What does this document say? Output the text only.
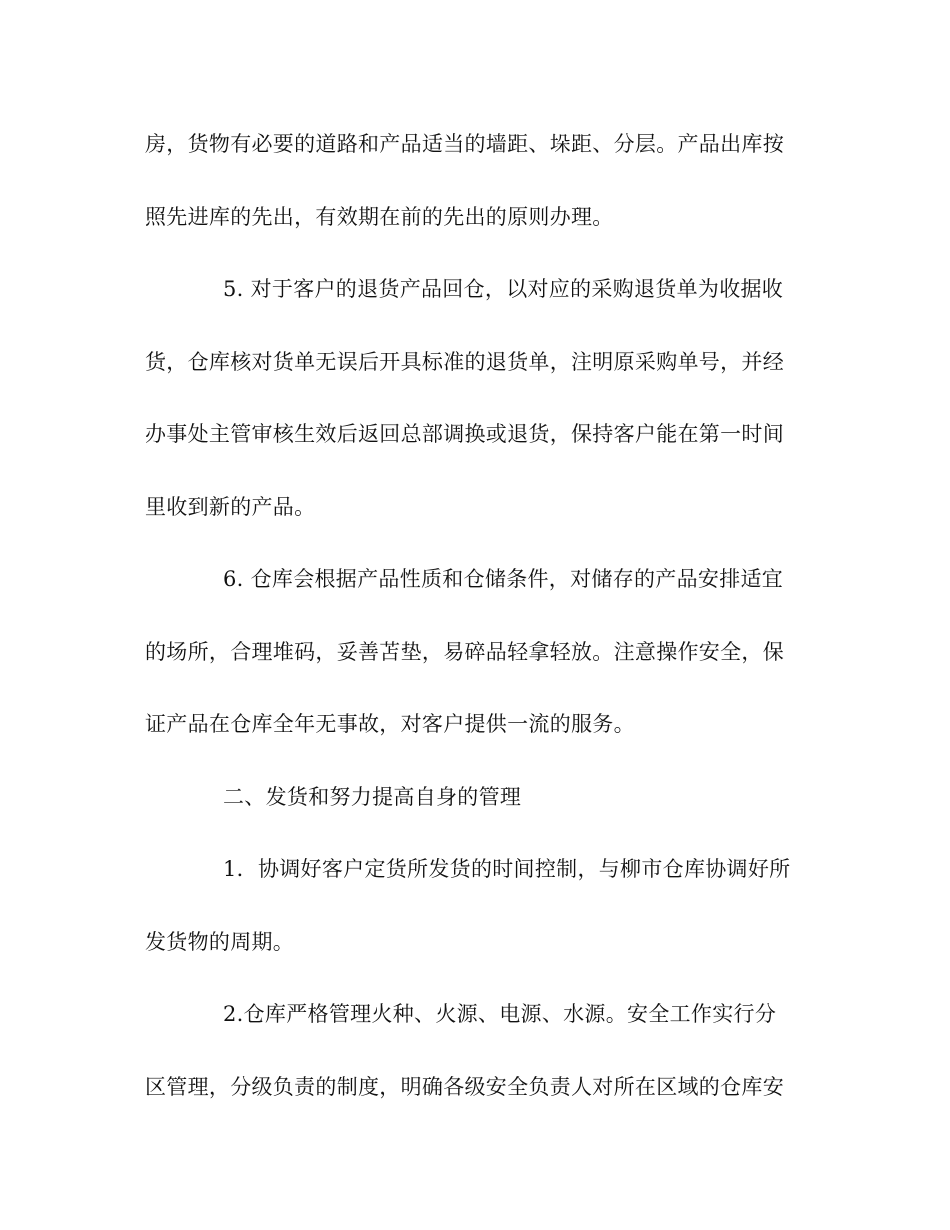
房，货物有必要的道路和产品适当的墙距、垛距、分层。产品出库按
照先进库的先出，有效期在前的先出的原则办理。
5. 对于客户的退货产品回仓，以对应的采购退货单为收据收
货，仓库核对货单无误后开具标准的退货单，注明原采购单号，并经
办事处主管审核生效后返回总部调换或退货，保持客户能在第一时间
里收到新的产品。
6. 仓库会根据产品性质和仓储条件，对储存的产品安排适宜
的场所，合理堆码，妥善苫垫，易碎品轻拿轻放。注意操作安全，保
证产品在仓库全年无事故，对客户提供一流的服务。
二、发货和努力提高自身的管理
1．协调好客户定货所发货的时间控制，与柳市仓库协调好所
发货物的周期。
2.仓库严格管理火种、火源、电源、水源。安全工作实行分
区管理，分级负责的制度，明确各级安全负责人对所在区域的仓库安
